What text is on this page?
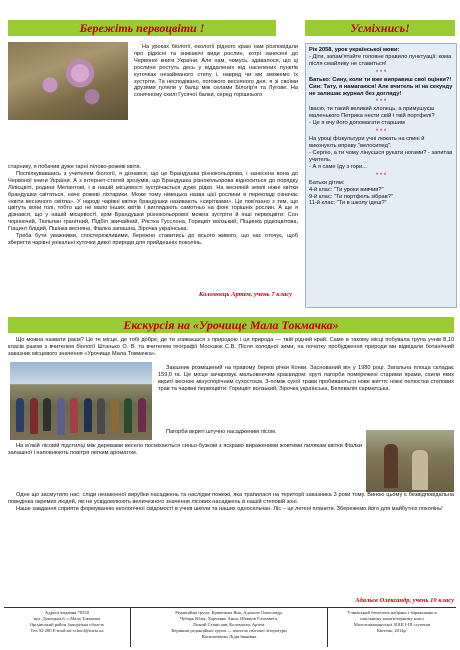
Бережіть первоцвіти !	Усміхнись!

На уроках біології, екології рідного краю нам розповідали про рідкісні та зникаючі види рослин, котрі занесені до Червоної книги України. Але нам, чомусь, здавалося, що ці рослини ростуть десь у віддалених від населених пунктів куточках незайманого степу і, навряд чи ми зможемо їх зустріти. Та несподівано, погожого весняного дня, я зі своїми друзями гуляли у балці між селами Білогір'я та Лугове. На сонячному схилі Гусячої балки, серед торішнього

старнику, я побачив дуже гарні лілово-рожеві квіти.

Поспілкувавшись з учителем біології, я дізнався, що це Брандушка різнокольорова, і занесена вона до Червоної книги України. А з інтернет-статей зрозумів, що Брандушка різнокольорова відноситься до порядку Лілієцвіті, родини Мелантові, і в нашій місцевості зустрічається дуже рідко. На весняній землі ніжні квітки брандушки світяться, наче рожеві ліхтарики. Може тому німецька назва цієї рослини в перекладі означає «квіти весняного світла». У народі чарівні квітки брандушки називають «сирітками». Це пов'язано з тим, що цвітуть вони голі, тобто що не мало інших квітів і виглядають самотньо на фоні торішніх рослин. А ще я дізнався, що у нашій місцевості, крім Брандушки різнокольорової можна зустріти й інші первоцвіти: Сон чорніючий, Тюльпан гранітний, Підбіл звичайний, Рястка Гусслона, Горицвіт волзький, Піщинка рідкоцвітова, Гіацинт блідий, Пшінка весняна, Фіалка запашна, Зірочка українська.

Треба бути уважними, спостережливими, бережно ставитись до всього живого, що нас оточує, щоб зберегти чарівні унікальні куточки дикої природи для прийдешніх поколінь.

Коломоєць Артем, учень 7 класу
Рік 2058, урок української мови:
- Діти, запам'ятайте головне правило пунктуації: кома після смайлику не ставиться!
* * *
Батько: Сину, коли ти вже виправиш свої оцінки?!
Син: Тату, я намагаюся! Але вчитель ні на секунду не залишає журнал без догляду!
* * *
Івасю, ти такий великий хлопець, а примушуєш маленького Петрика нести свій і твій портфелі?
- Це я вчу його допомагати старшим
* * *
На уроці фізкультури учні лежать на спині й виконують вправу "велосипед".
- Сергію, а ти чому лінуєшся рукати ногами? - запитав учитель.
- А я саме їду з гори...
* * *
Батьки дітям:
4-й клас: "Ти уроки вивчив?"
9-й клас: "Ти портфель зібрав?"
11-й клас: "Ти в школу ідеш?"
Екскурсія на «Урочище Мала Токмачка»

Що можна назвати раєм? Це те місце, де тобі добре, де ти зливаєшся з природою і ця природа — твій рідний край. Саме в такому місці побувала група учнів 8,10 класів разом з вчителем біології Штанько О. В. та вчителем географії Москаюк С.В. Після холодної зими, на початку пробудження природи ми відвідали ботанічний заказник місцевого значення «Урочище Мала Токмачка».

Заказник розміщений на правому березі річки Конки. Заснований він у 1980 році. Загальна площа складає 159,0 га. Це місце зачаровує мальовничим краєвидом: круті пагорби помережені старими ярами, схили яких вкриті весною мінуспорічним сухостоєм. З-поміж сухої трави пробиваються нове життя: ніжні пелюстки степових трав та чарівні первоцвіти: Горицвіт волзький, Зірочка українська, Белевалія сарматська.

Пагорби вкриті штучно насадженим лісом.

На м'якій лісовій підстилці між деревами весело посміхаються синьо-бузкові з яскраво вираженими жовтими пилякам квітки Фіалки запашної і наповнюють повітря легким ароматом.

Одне що засмутило нас: сліди незаконної вирубки насаджень та наслідки пожежі, яка трапилася на території заказника 3 роки тому. Виною цьому є безвідповідальна поведінка окремих людей, які не усвідомлюють величезного значення лісових насаджень в нашій степовій зоні.

Наше завдання сприяти формуванню екологічної свідомості в учнів школи та наших односельчан. Ліс – це легені планети. Збережемо його для майбутніх поколінь!

Адальєв Олександр, учень 10 класу
Адреса видання 70550
вул. Донецька,6, с.Мала Токмачка
Оріхівський район Запорізька область
Тел.92-280 E-mail:mt-school@meta.ua
Редакційна група: Кривенька Яна, Адальєв Олександр,
Чубарь Юлія, Харченко Анна, Шевцов Єлизавета,
Лісний Станіслав, Коломоєць Артем.
Керівник редакційної групи — вчитель світової літератури
Василюченко Лідія Іванівна
Учнівський бюлетень набрано і тиражовано в
шкільному комп'ютерному класі
Малотокмачанської ЗОШ І-ІІІ ступенів
Квітень, 2014р.
